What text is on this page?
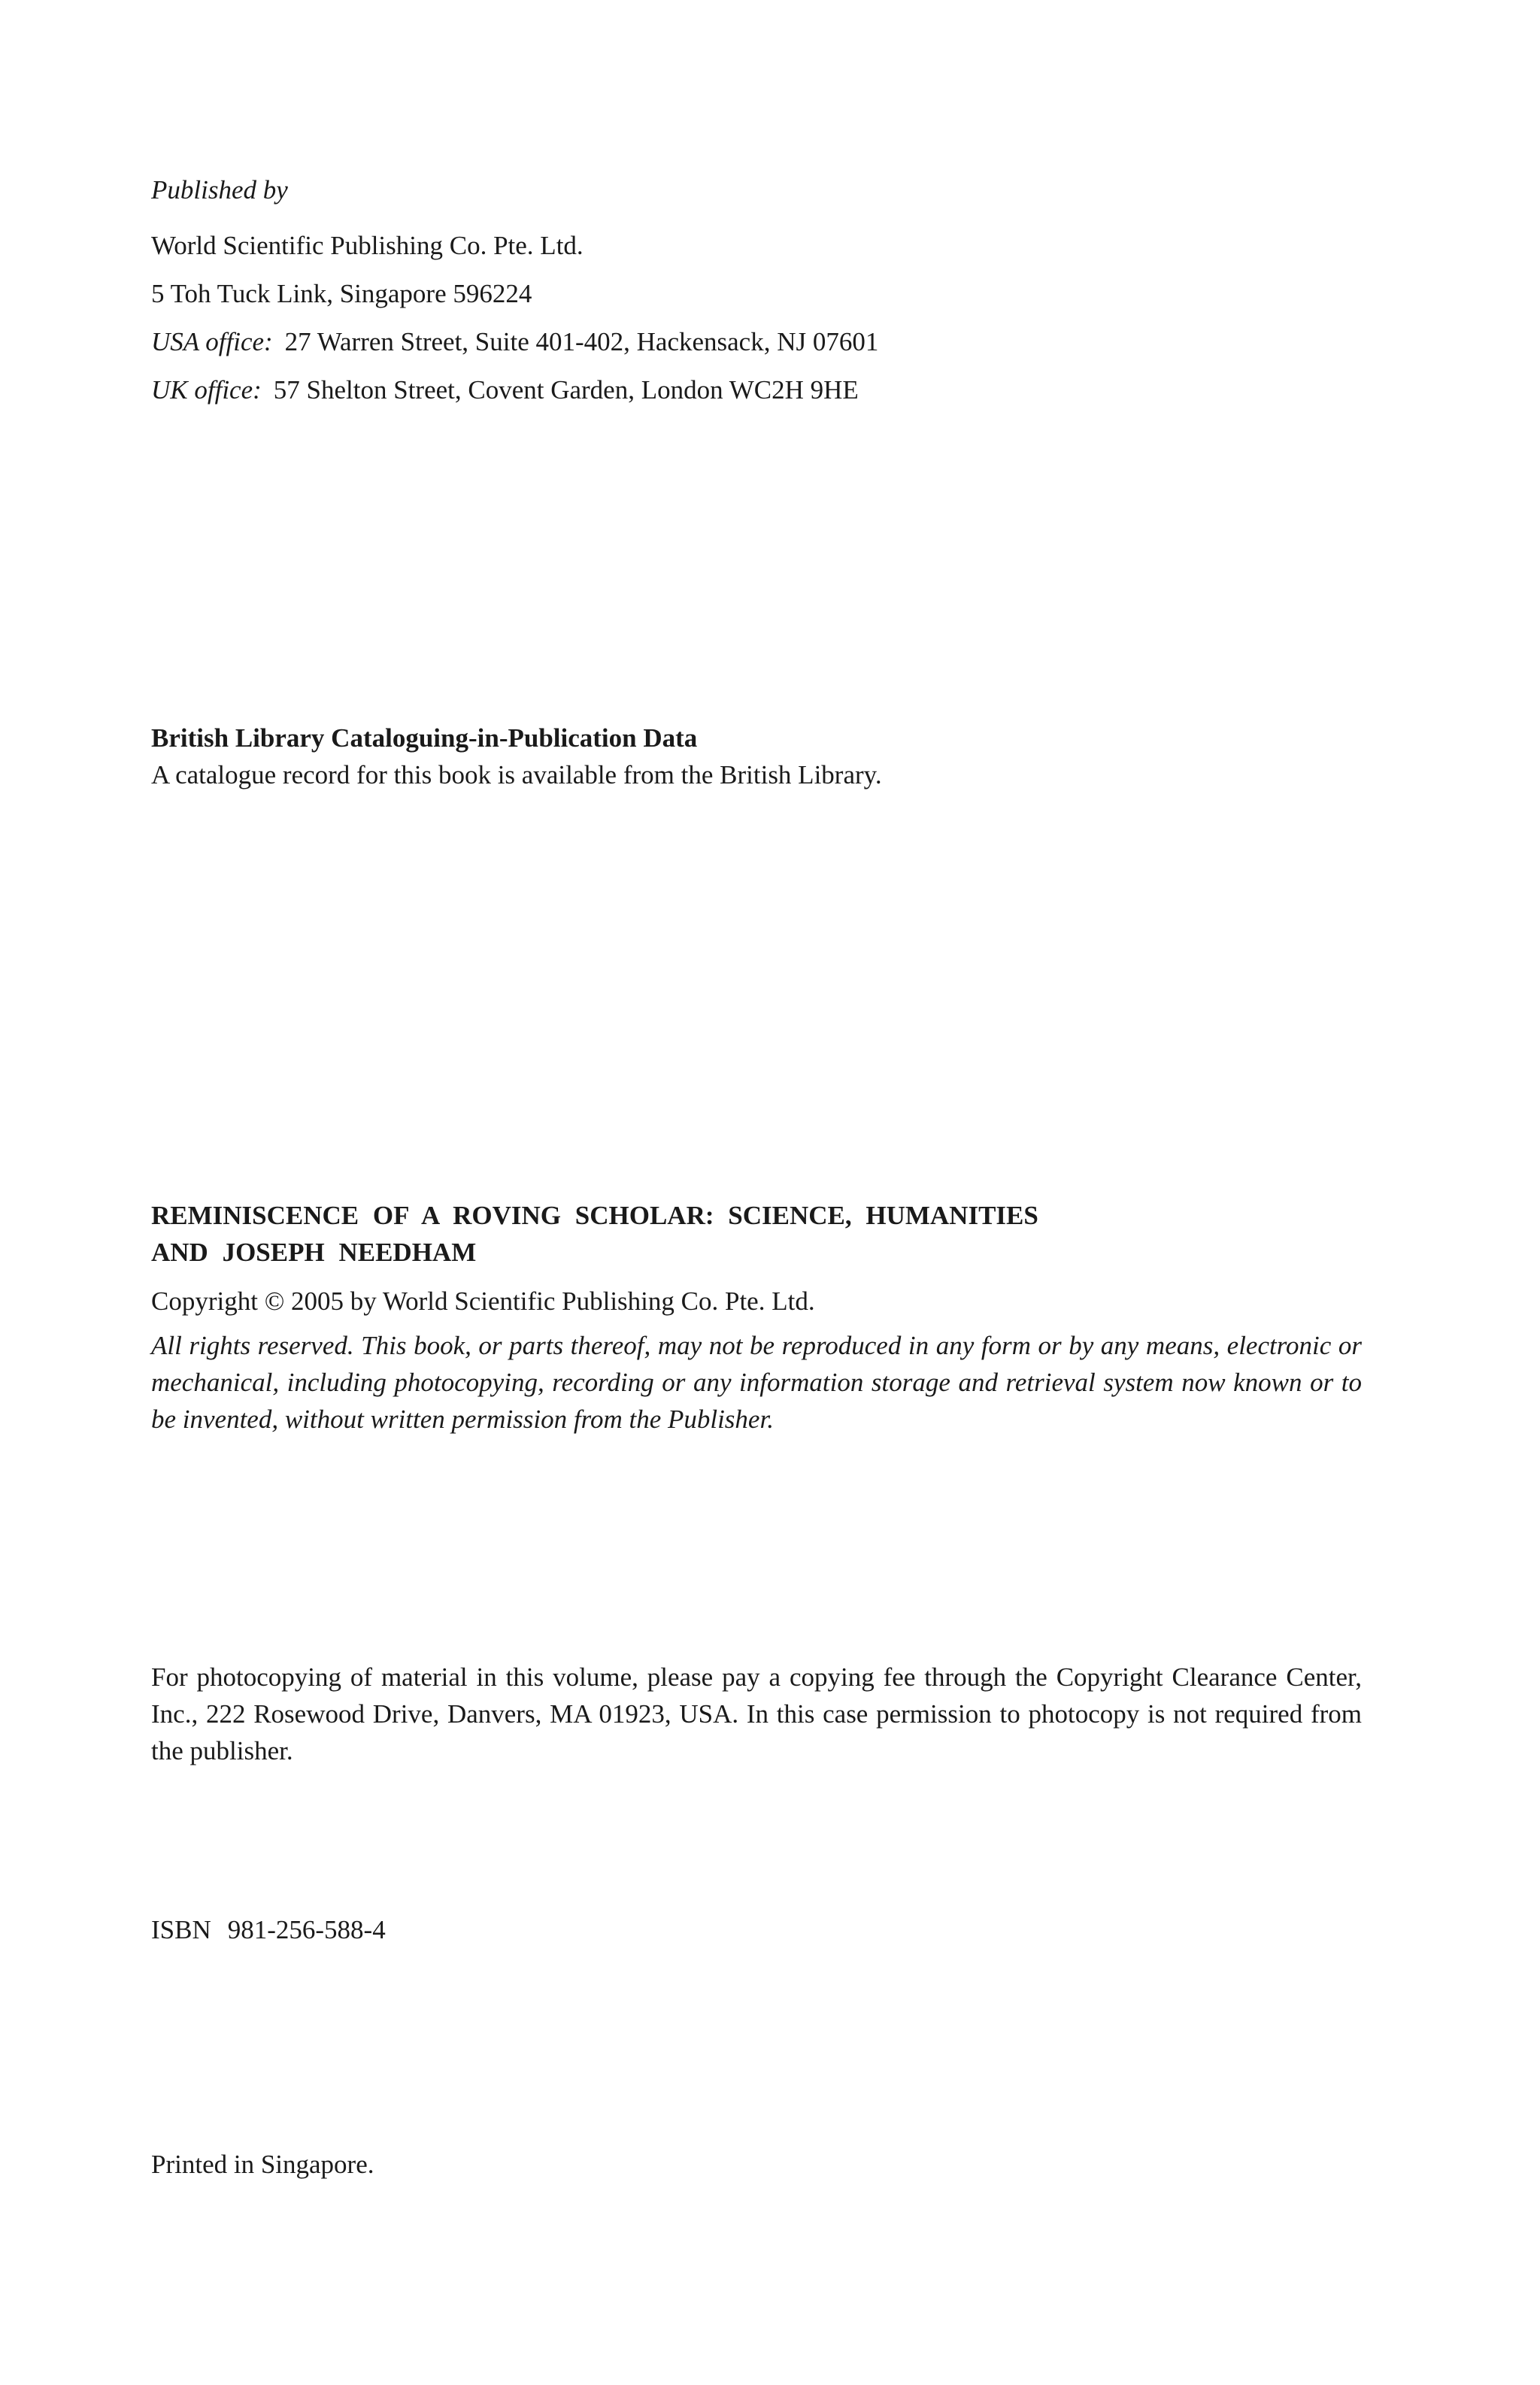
Published by
World Scientific Publishing Co. Pte. Ltd.
5 Toh Tuck Link, Singapore 596224
USA office: 27 Warren Street, Suite 401-402, Hackensack, NJ 07601
UK office: 57 Shelton Street, Covent Garden, London WC2H 9HE
British Library Cataloguing-in-Publication Data
A catalogue record for this book is available from the British Library.
REMINISCENCE OF A ROVING SCHOLAR: SCIENCE, HUMANITIES
AND JOSEPH NEEDHAM
Copyright © 2005 by World Scientific Publishing Co. Pte. Ltd.
All rights reserved. This book, or parts thereof, may not be reproduced in any form or by any means, electronic or mechanical, including photocopying, recording or any information storage and retrieval system now known or to be invented, without written permission from the Publisher.
For photocopying of material in this volume, please pay a copying fee through the Copyright Clearance Center, Inc., 222 Rosewood Drive, Danvers, MA 01923, USA. In this case permission to photocopy is not required from the publisher.
ISBN 981-256-588-4
Printed in Singapore.
